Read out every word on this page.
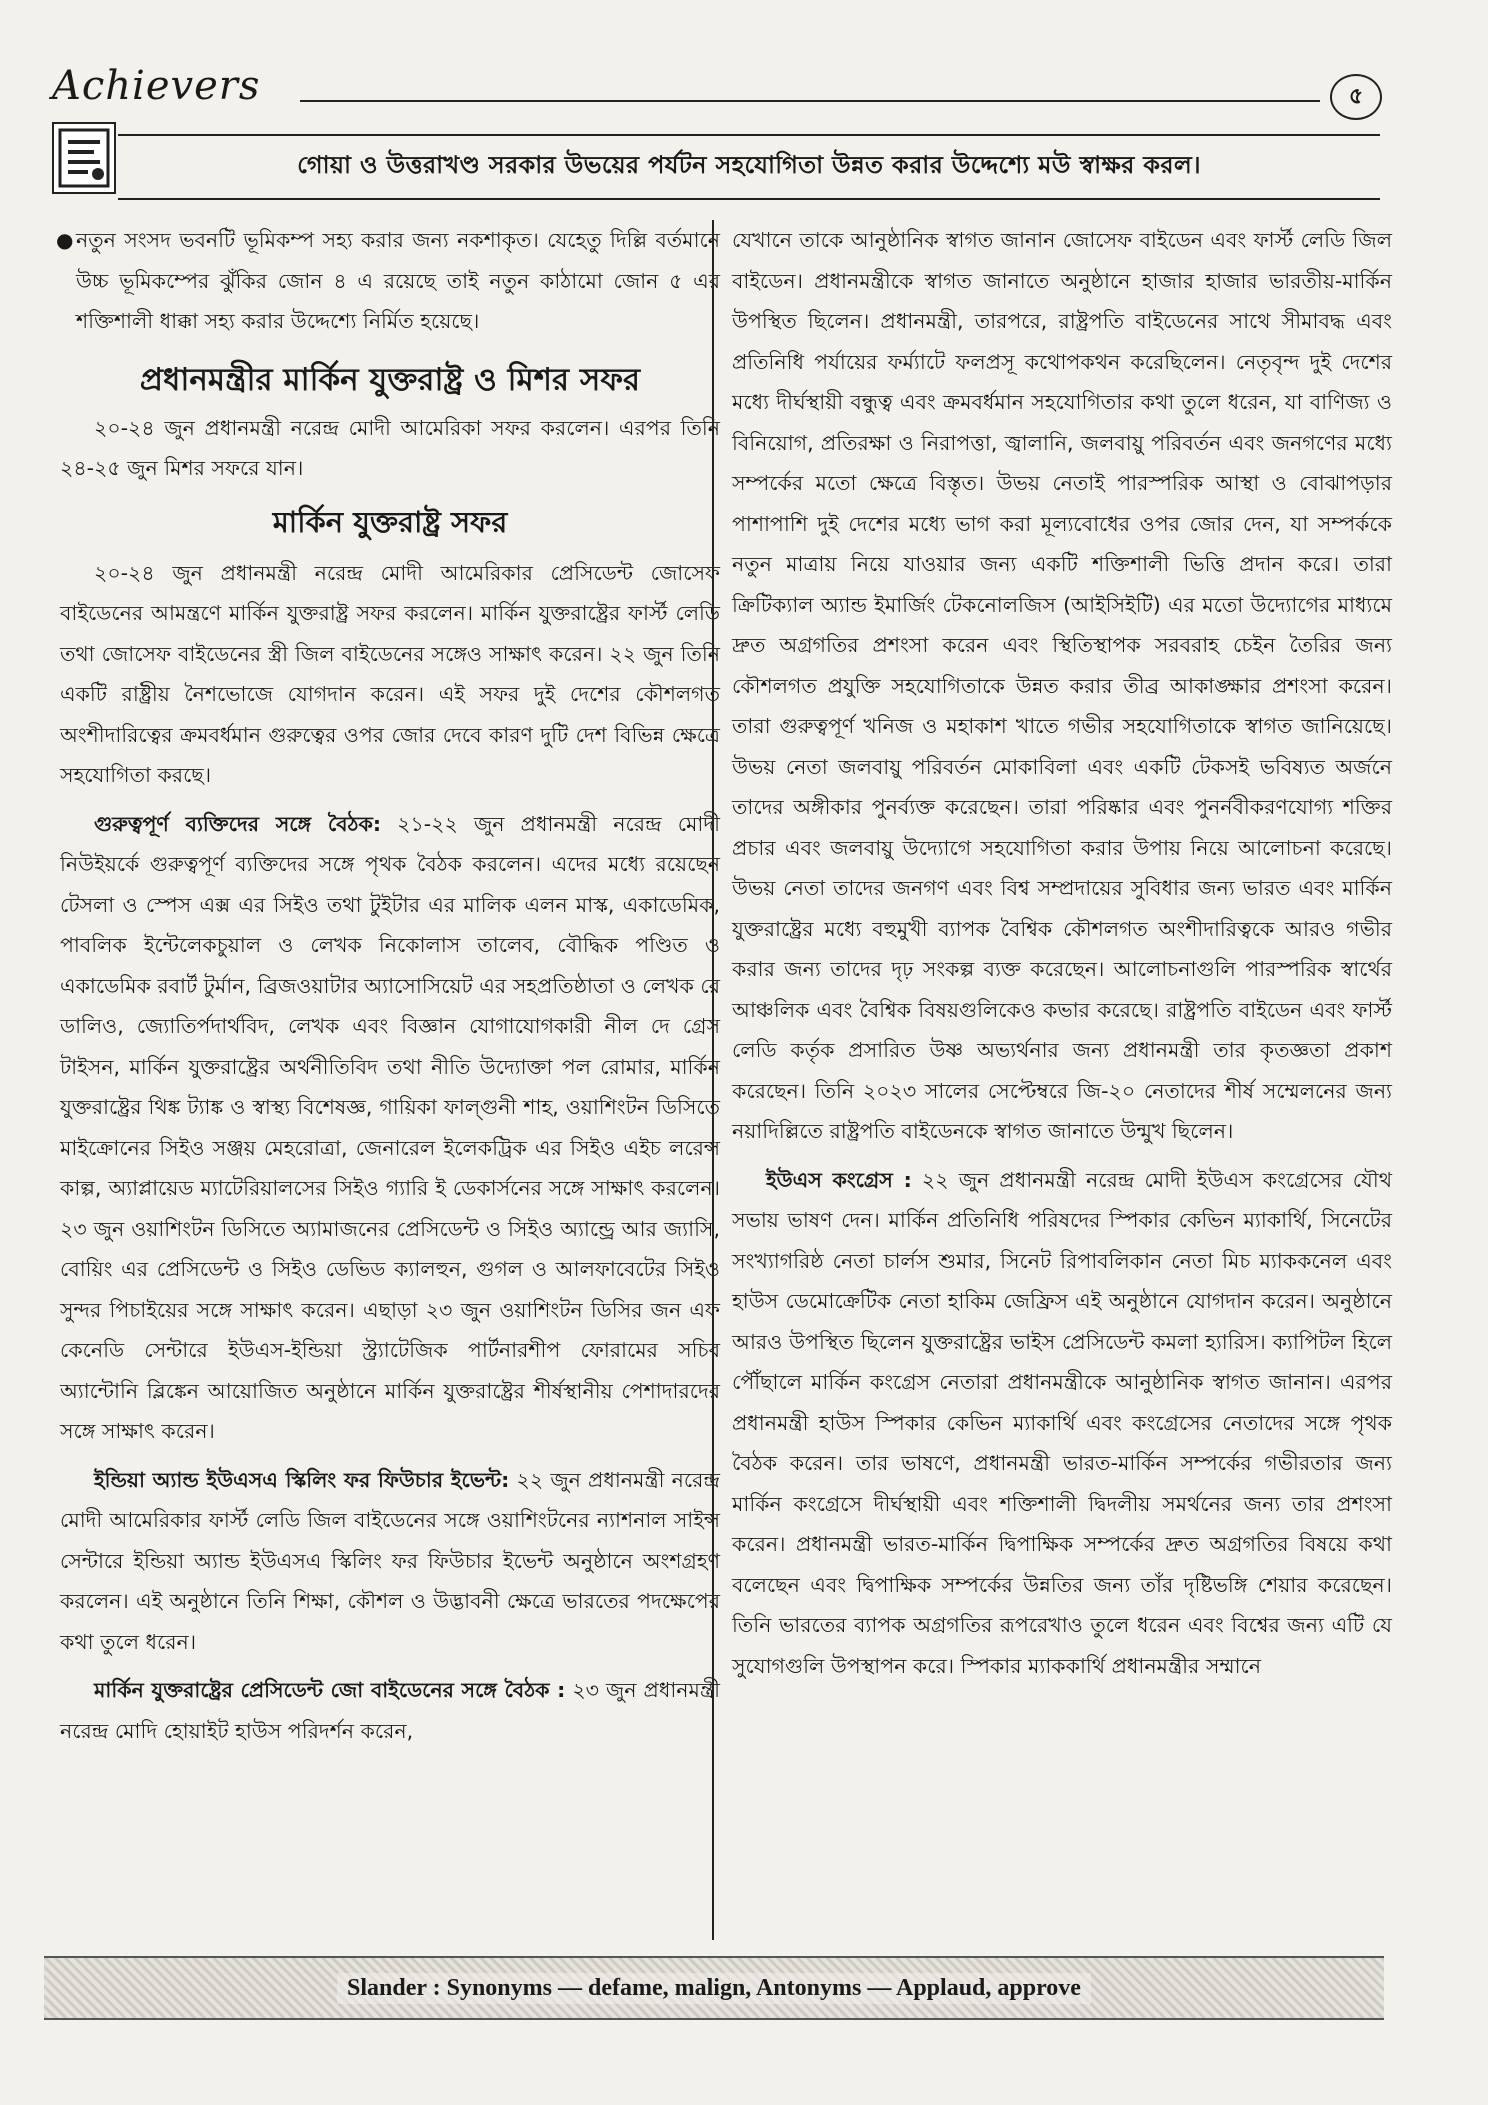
Achievers	৫
গোয়া ও উত্তরাখণ্ড সরকার উভয়ের পর্যটন সহযোগিতা উন্নত করার উদ্দেশ্যে মউ স্বাক্ষর করল।
● নতুন সংসদ ভবনটি ভূমিকম্প সহ্য করার জন্য নকশাকৃত। যেহেতু দিল্লি বর্তমানে উচ্চ ভূমিকম্পের ঝুঁকির জোন ৪ এ রয়েছে তাই নতুন কাঠামো জোন ৫ এর শক্তিশালী ধাক্কা সহ্য করার উদ্দেশ্যে নির্মিত হয়েছে।
প্রধানমন্ত্রীর মার্কিন যুক্তরাষ্ট্র ও মিশর সফর

২০-২৪ জুন প্রধানমন্ত্রী নরেন্দ্র মোদী আমেরিকা সফর করলেন। এরপর তিনি ২৪-২৫ জুন মিশর সফরে যান।

মার্কিন যুক্তরাষ্ট্র সফর

২০-২৪ জুন প্রধানমন্ত্রী নরেন্দ্র মোদী আমেরিকার প্রেসিডেন্ট জোসেফ বাইডেনের আমন্ত্রণে মার্কিন যুক্তরাষ্ট্র সফর করলেন। মার্কিন যুক্তরাষ্ট্রের ফার্স্ট লেডি তথা জোসেফ বাইডেনের স্ত্রী জিল বাইডেনের সঙ্গেও সাক্ষাৎ করেন। ২২ জুন তিনি একটি রাষ্ট্রীয় নৈশভোজে যোগদান করেন। এই সফর দুই দেশের কৌশলগত অংশীদারিত্বের ক্রমবর্ধমান গুরুত্বের ওপর জোর দেবে কারণ দুটি দেশ বিভিন্ন ক্ষেত্রে সহযোগিতা করছে।

গুরুত্বপূর্ণ ব্যক্তিদের সঙ্গে বৈঠক: ২১-২২ জুন প্রধানমন্ত্রী নরেন্দ্র মোদী নিউইয়র্কে গুরুত্বপূর্ণ ব্যক্তিদের সঙ্গে পৃথক বৈঠক করলেন। এদের মধ্যে রয়েছেন টেসলা ও স্পেস এক্স এর সিইও তথা টুইটার এর মালিক এলন মাস্ক, একাডেমিক, পাবলিক ইন্টেলেকচুয়াল ও লেখক নিকোলাস তালেব, বৌদ্ধিক পণ্ডিত ও একাডেমিক রবার্ট টুর্মান, ব্রিজওয়াটার অ্যাসোসিয়েট এর সহপ্রতিষ্ঠাতা ও লেখক রে ডালিও, জ্যোতির্পদার্থবিদ, লেখক এবং বিজ্ঞান যোগাযোগকারী নীল দে গ্রেস টাইসন, মার্কিন যুক্তরাষ্ট্রের অর্থনীতিবিদ তথা নীতি উদ্যোক্তা পল রোমার, মার্কিন যুক্তরাষ্ট্রের থিঙ্ক ট্যাঙ্ক ও স্বাস্থ্য বিশেষজ্ঞ, গায়িকা ফাল্গুনী শাহ, ওয়াশিংটন ডিসিতে মাইক্রোনের সিইও সঞ্জয় মেহরোত্রা, জেনারেল ইলেকট্রিক এর সিইও এইচ লরেন্স কাল্প, অ্যাপ্লায়েড ম্যাটেরিয়ালসের সিইও গ্যারি ই ডেকার্সনের সঙ্গে সাক্ষাৎ করলেন। ২৩ জুন ওয়াশিংটন ডিসিতে অ্যামাজনের প্রেসিডেন্ট ও সিইও অ্যান্ড্রে আর জ্যাসি, বোয়িং এর প্রেসিডেন্ট ও সিইও ডেভিড ক্যালহুন, গুগল ও আলফাবেটের সিইও সুন্দর পিচাইয়ের সঙ্গে সাক্ষাৎ করেন। এছাড়া ২৩ জুন ওয়াশিংটন ডিসির জন এফ কেনেডি সেন্টারে ইউএস-ইন্ডিয়া স্ট্র্যাটেজিক পার্টনারশীপ ফোরামের সচিব অ্যান্টোনি ব্লিঙ্কেন আয়োজিত অনুষ্ঠানে মার্কিন যুক্তরাষ্ট্রের শীর্ষস্থানীয় পেশাদারদের সঙ্গে সাক্ষাৎ করেন।

ইন্ডিয়া অ্যান্ড ইউএসএ স্কিলিং ফর ফিউচার ইভেন্ট: ২২ জুন প্রধানমন্ত্রী নরেন্দ্র মোদী আমেরিকার ফার্স্ট লেডি জিল বাইডেনের সঙ্গে ওয়াশিংটনের ন্যাশনাল সাইন্স সেন্টারে ইন্ডিয়া অ্যান্ড ইউএসএ স্কিলিং ফর ফিউচার ইভেন্ট অনুষ্ঠানে অংশগ্রহণ করলেন। এই অনুষ্ঠানে তিনি শিক্ষা, কৌশল ও উদ্ভাবনী ক্ষেত্রে ভারতের পদক্ষেপের কথা তুলে ধরেন।

মার্কিন যুক্তরাষ্ট্রের প্রেসিডেন্ট জো বাইডেনের সঙ্গে বৈঠক : ২৩ জুন প্রধানমন্ত্রী নরেন্দ্র মোদি হোয়াইট হাউস পরিদর্শন করেন,

যেখানে তাকে আনুষ্ঠানিক স্বাগত জানান জোসেফ বাইডেন এবং ফার্স্ট লেডি জিল বাইডেন। প্রধানমন্ত্রীকে স্বাগত জানাতে অনুষ্ঠানে হাজার হাজার ভারতীয়-মার্কিন উপস্থিত ছিলেন। প্রধানমন্ত্রী, তারপরে, রাষ্ট্রপতি বাইডেনের সাথে সীমাবদ্ধ এবং প্রতিনিধি পর্যায়ের ফর্ম্যাটে ফলপ্রসূ কথোপকথন করেছিলেন। নেতৃবৃন্দ দুই দেশের মধ্যে দীর্ঘস্থায়ী বন্ধুত্ব এবং ক্রমবর্ধমান সহযোগিতার কথা তুলে ধরেন, যা বাণিজ্য ও বিনিয়োগ, প্রতিরক্ষা ও নিরাপত্তা, জ্বালানি, জলবায়ু পরিবর্তন এবং জনগণের মধ্যে সম্পর্কের মতো ক্ষেত্রে বিস্তৃত। উভয় নেতাই পারস্পরিক আস্থা ও বোঝাপড়ার পাশাপাশি দুই দেশের মধ্যে ভাগ করা মূল্যবোধের ওপর জোর দেন, যা সম্পর্ককে নতুন মাত্রায় নিয়ে যাওয়ার জন্য একটি শক্তিশালী ভিত্তি প্রদান করে। তারা ক্রিটিক্যাল অ্যান্ড ইমার্জিং টেকনোলজিস (আইসিইটি) এর মতো উদ্যোগের মাধ্যমে দ্রুত অগ্রগতির প্রশংসা করেন এবং স্থিতিস্থাপক সরবরাহ চেইন তৈরির জন্য কৌশলগত প্রযুক্তি সহযোগিতাকে উন্নত করার তীব্র আকাঙ্ক্ষার প্রশংসা করেন। তারা গুরুত্বপূর্ণ খনিজ ও মহাকাশ খাতে গভীর সহযোগিতাকে স্বাগত জানিয়েছে। উভয় নেতা জলবায়ু পরিবর্তন মোকাবিলা এবং একটি টেকসই ভবিষ্যত অর্জনে তাদের অঙ্গীকার পুনর্ব্যক্ত করেছেন। তারা পরিষ্কার এবং পুনর্নবীকরণযোগ্য শক্তির প্রচার এবং জলবায়ু উদ্যোগে সহযোগিতা করার উপায় নিয়ে আলোচনা করেছে। উভয় নেতা তাদের জনগণ এবং বিশ্ব সম্প্রদায়ের সুবিধার জন্য ভারত এবং মার্কিন যুক্তরাষ্ট্রের মধ্যে বহুমুখী ব্যাপক বৈশ্বিক কৌশলগত অংশীদারিত্বকে আরও গভীর করার জন্য তাদের দৃঢ় সংকল্প ব্যক্ত করেছেন। আলোচনাগুলি পারস্পরিক স্বার্থের আঞ্চলিক এবং বৈশ্বিক বিষয়গুলিকেও কভার করেছে। রাষ্ট্রপতি বাইডেন এবং ফার্স্ট লেডি কর্তৃক প্রসারিত উষ্ণ অভ্যর্থনার জন্য প্রধানমন্ত্রী তার কৃতজ্ঞতা প্রকাশ করেছেন। তিনি ২০২৩ সালের সেপ্টেম্বরে জি-২০ নেতাদের শীর্ষ সম্মেলনের জন্য নয়াদিল্লিতে রাষ্ট্রপতি বাইডেনকে স্বাগত জানাতে উন্মুখ ছিলেন।

ইউএস কংগ্রেস : ২২ জুন প্রধানমন্ত্রী নরেন্দ্র মোদী ইউএস কংগ্রেসের যৌথ সভায় ভাষণ দেন। মার্কিন প্রতিনিধি পরিষদের স্পিকার কেভিন ম্যাকার্থি, সিনেটের সংখ্যাগরিষ্ঠ নেতা চার্লস শুমার, সিনেট রিপাবলিকান নেতা মিচ ম্যাককনেল এবং হাউস ডেমোক্রেটিক নেতা হাকিম জেফ্রিস এই অনুষ্ঠানে যোগদান করেন। অনুষ্ঠানে আরও উপস্থিত ছিলেন যুক্তরাষ্ট্রের ভাইস প্রেসিডেন্ট কমলা হ্যারিস। ক্যাপিটল হিলে পৌঁছালে মার্কিন কংগ্রেস নেতারা প্রধানমন্ত্রীকে আনুষ্ঠানিক স্বাগত জানান। এরপর প্রধানমন্ত্রী হাউস স্পিকার কেভিন ম্যাকার্থি এবং কংগ্রেসের নেতাদের সঙ্গে পৃথক বৈঠক করেন। তার ভাষণে, প্রধানমন্ত্রী ভারত-মার্কিন সম্পর্কের গভীরতার জন্য মার্কিন কংগ্রেসে দীর্ঘস্থায়ী এবং শক্তিশালী দ্বিদলীয় সমর্থনের জন্য তার প্রশংসা করেন। প্রধানমন্ত্রী ভারত-মার্কিন দ্বিপাক্ষিক সম্পর্কের দ্রুত অগ্রগতির বিষয়ে কথা বলেছেন এবং দ্বিপাক্ষিক সম্পর্কের উন্নতির জন্য তাঁর দৃষ্টিভঙ্গি শেয়ার করেছেন। তিনি ভারতের ব্যাপক অগ্রগতির রূপরেখাও তুলে ধরেন এবং বিশ্বের জন্য এটি যে সুযোগগুলি উপস্থাপন করে। স্পিকার ম্যাককার্থি প্রধানমন্ত্রীর সম্মানে

Slander : Synonyms — defame, malign, Antonyms — Applaud, approve
